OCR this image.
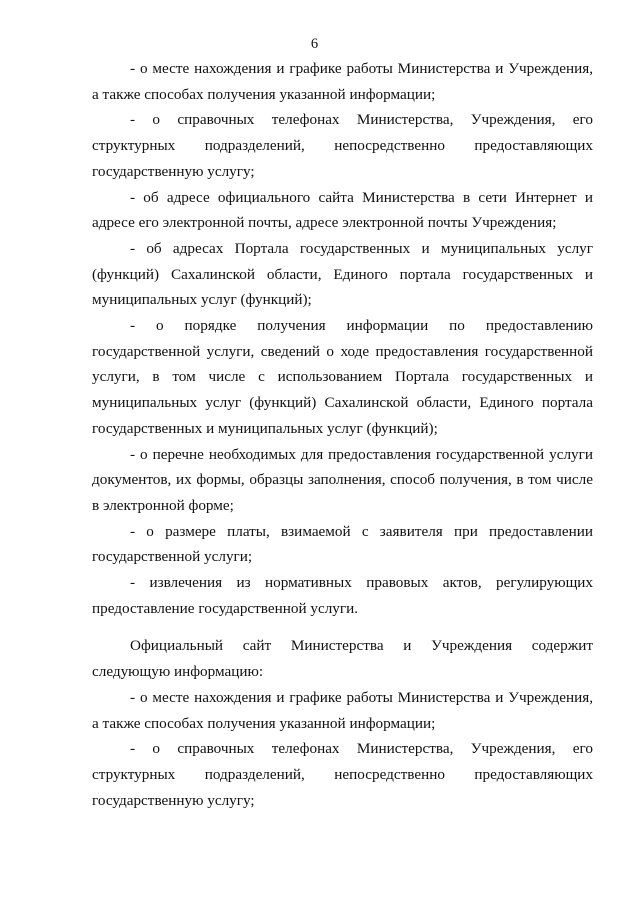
6

- о месте нахождения и графике работы Министерства и Учреждения, а также способах получения указанной информации;

- о справочных телефонах Министерства, Учреждения, его структурных подразделений, непосредственно предоставляющих государственную услугу;

- об адресе официального сайта Министерства в сети Интернет и адресе его электронной почты, адресе электронной почты Учреждения;

- об адресах Портала государственных и муниципальных услуг (функций) Сахалинской области, Единого портала государственных и муниципальных услуг (функций);

- о порядке получения информации по предоставлению государственной услуги, сведений о ходе предоставления государственной услуги, в том числе с использованием Портала государственных и муниципальных услуг (функций) Сахалинской области, Единого портала государственных и муниципальных услуг (функций);

- о перечне необходимых для предоставления государственной услуги документов, их формы, образцы заполнения, способ получения, в том числе в электронной форме;

- о размере платы, взимаемой с заявителя при предоставлении государственной услуги;

- извлечения из нормативных правовых актов, регулирующих предоставление государственной услуги.

Официальный сайт Министерства и Учреждения содержит следующую информацию:

- о месте нахождения и графике работы Министерства и Учреждения, а также способах получения указанной информации;

- о справочных телефонах Министерства, Учреждения, его структурных подразделений, непосредственно предоставляющих государственную услугу;
